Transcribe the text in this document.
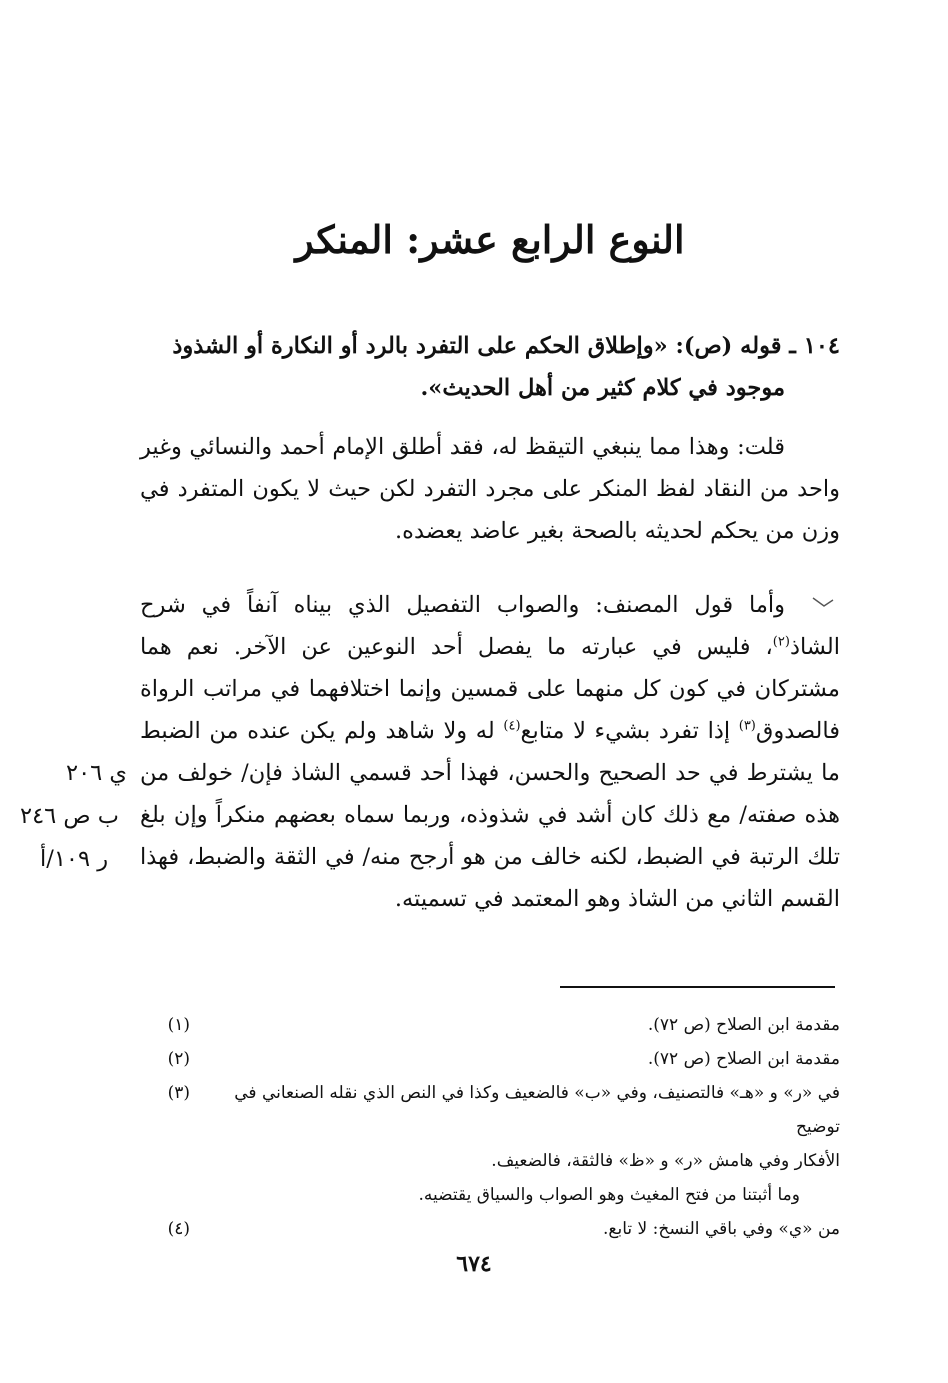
النوع الرابع عشر: المنكر
١٠٤ ـ قوله (ص): «وإطلاق الحكم على التفرد بالرد أو النكارة أو الشذوذ
موجود في كلام كثير من أهل الحديث».
قلت: وهذا مما ينبغي التيقظ له، فقد أطلق الإمام أحمد والنسائي وغير واحد من النقاد لفظ المنكر على مجرد التفرد لكن حيث لا يكون المتفرد في وزن من يحكم لحديثه بالصحة بغير عاضد يعضده.
وأما قول المصنف: والصواب التفصيل الذي بيناه آنفاً في شرح الشاذ$^{(٢)}$، فليس في عبارته ما يفصل أحد النوعين عن الآخر. نعم هما مشتركان في كون كل منهما على قمسين وإنما اختلافهما في مراتب الرواة فالصدوق$^{(٣)}$ إذا تفرد بشيء لا متابع$^{(٤)}$ له ولا شاهد ولم يكن عنده من الضبط ما يشترط في حد الصحيح والحسن، فهذا أحد قسمي الشاذ فإن/ خولف من هذه صفته/ مع ذلك كان أشد في شذوذه، وربما سماه بعضهم منكراً وإن بلغ تلك الرتبة في الضبط، لكنه خالف من هو أرجح منه/ في الثقة والضبط، فهذا القسم الثاني من الشاذ وهو المعتمد في تسميته.
ي ٢٠٦
ب ص ٢٤٦
ر ١٠٩/أ
(١)	مقدمة ابن الصلاح (ص ٧٢).
(٢)	مقدمة ابن الصلاح (ص ٧٢).
(٣)	في «ر» و «هـ» فالتصنيف، وفي «ب» فالضعيف وكذا في النص الذي نقله الصنعاني في توضيح
الأفكار وفي هامش «ر» و «ظ» فالثقة، فالضعيف.
وما أثبتنا من فتح المغيث وهو الصواب والسياق يقتضيه.
(٤)	من «ي» وفي باقي النسخ: لا تابع.
٦٧٤
